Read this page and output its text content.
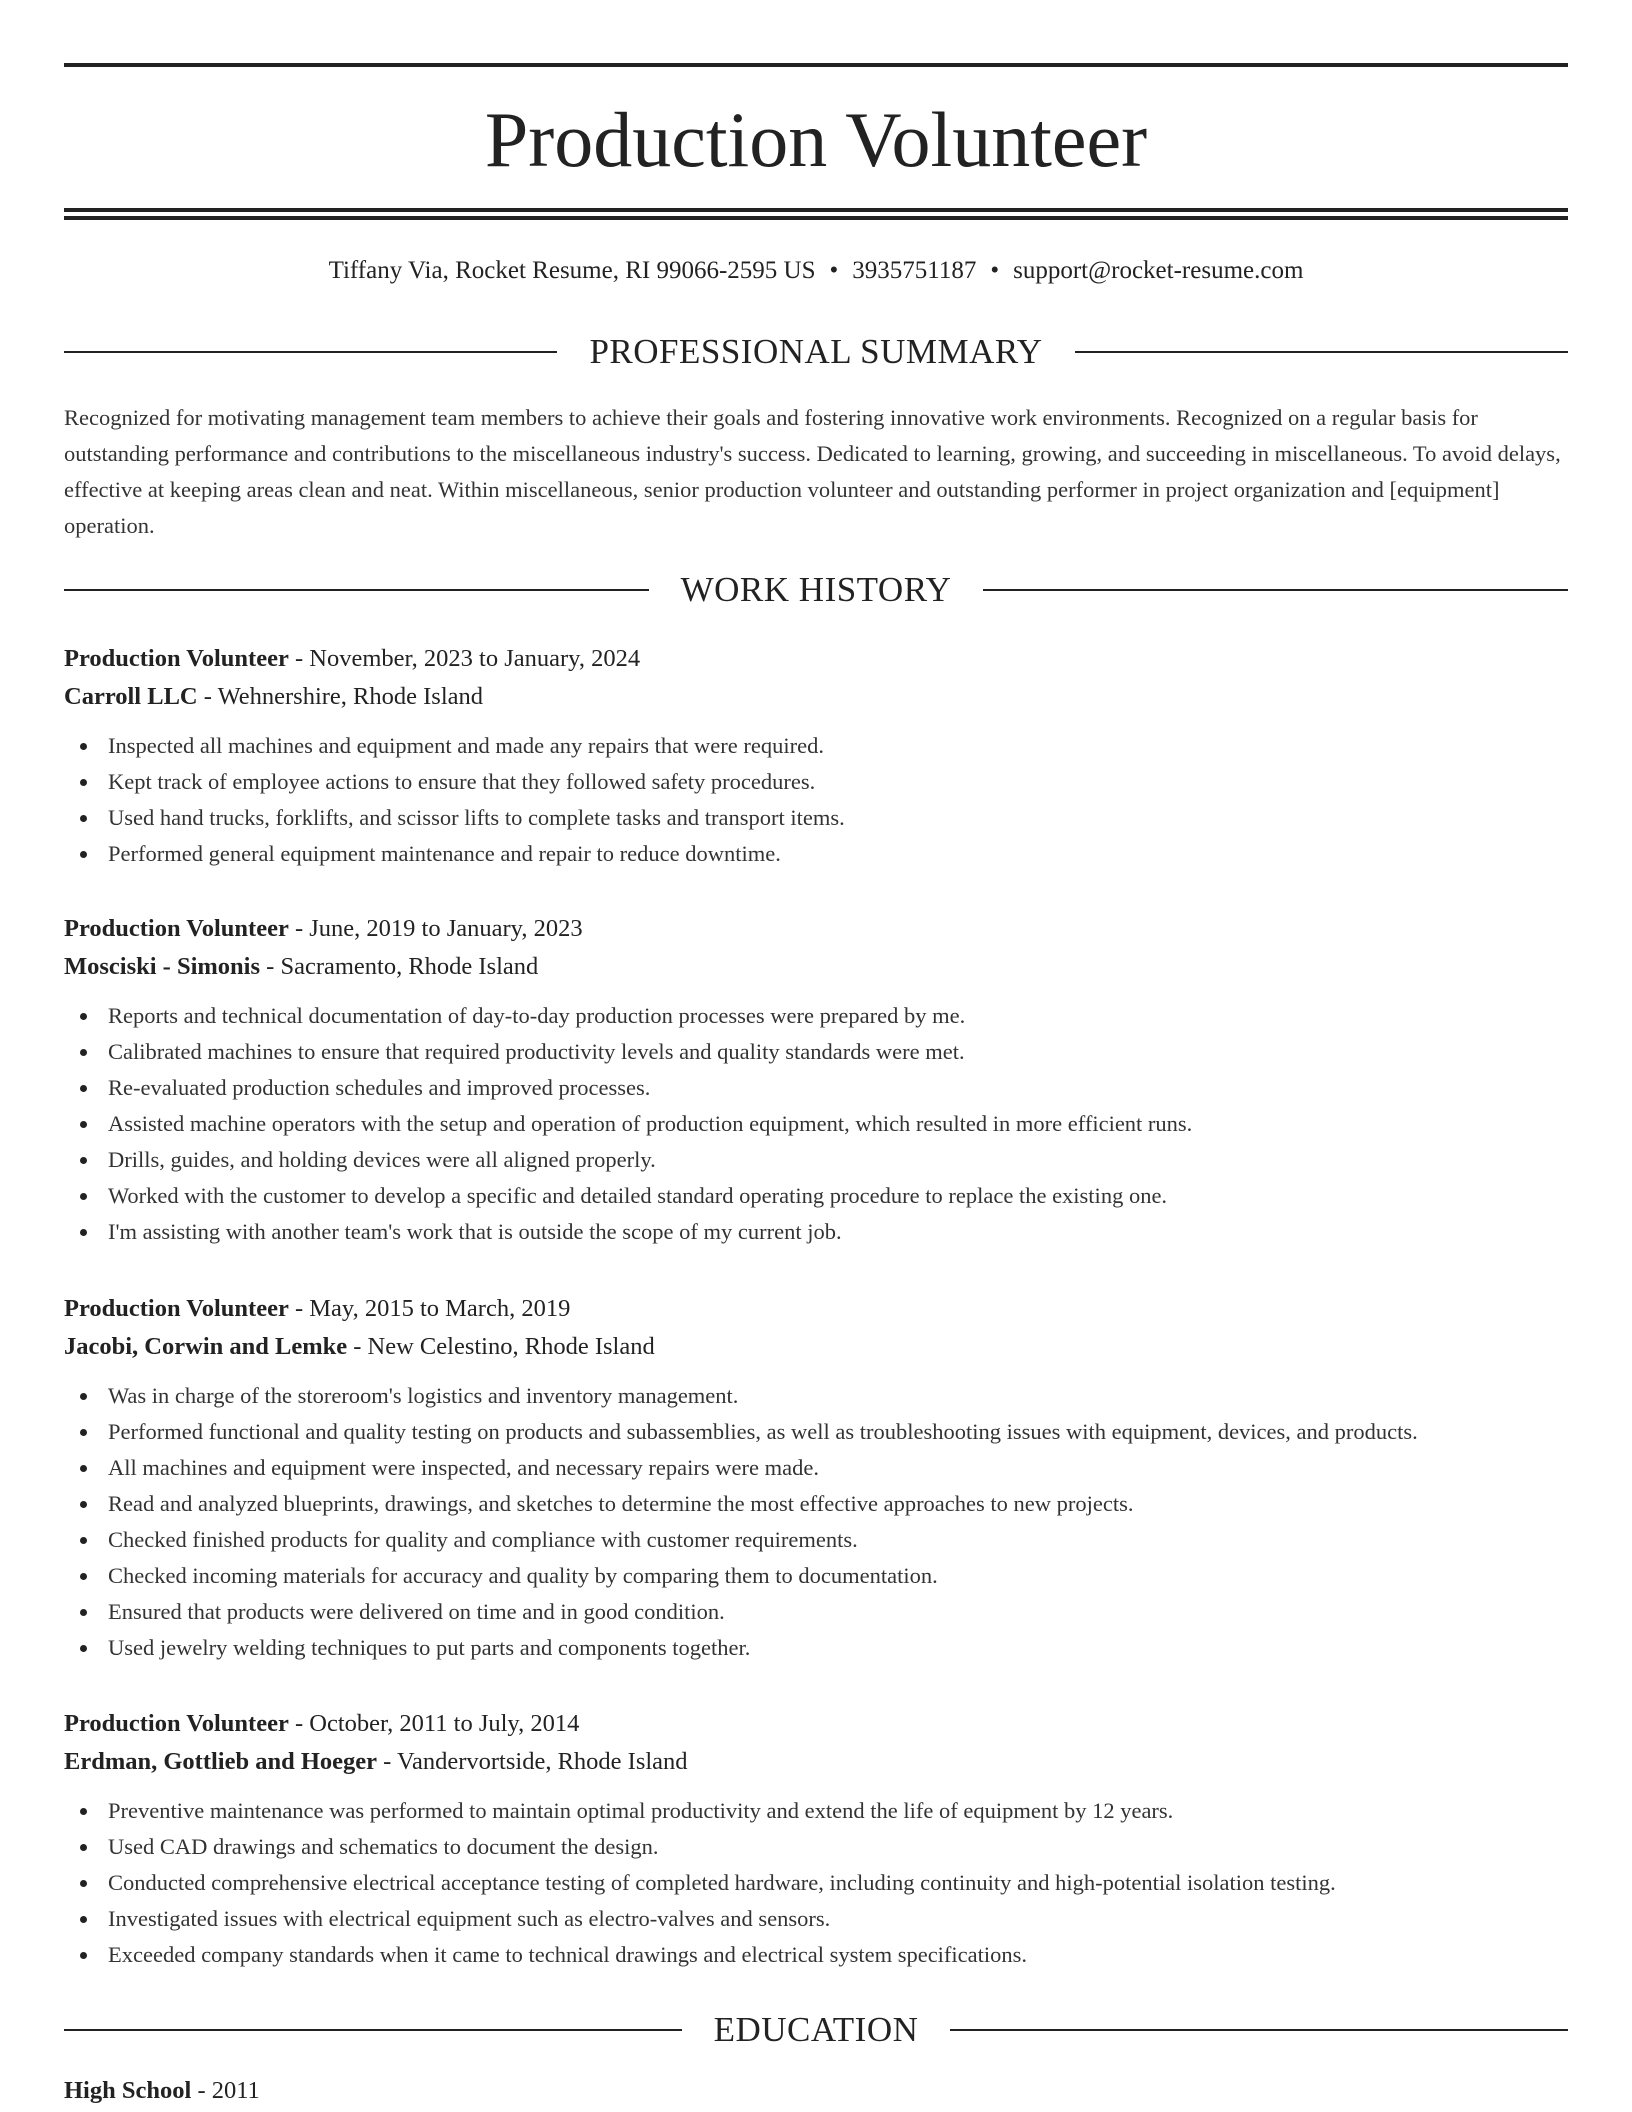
Production Volunteer
Tiffany Via, Rocket Resume, RI 99066-2595 US • 3935751187 • support@rocket-resume.com
PROFESSIONAL SUMMARY

Recognized for motivating management team members to achieve their goals and fostering innovative work environments. Recognized on a regular basis for outstanding performance and contributions to the miscellaneous industry's success. Dedicated to learning, growing, and succeeding in miscellaneous. To avoid delays, effective at keeping areas clean and neat. Within miscellaneous, senior production volunteer and outstanding performer in project organization and [equipment] operation.

WORK HISTORY

Production Volunteer - November, 2023 to January, 2024

Carroll LLC - Wehnershire, Rhode Island

Inspected all machines and equipment and made any repairs that were required.
Kept track of employee actions to ensure that they followed safety procedures.
Used hand trucks, forklifts, and scissor lifts to complete tasks and transport items.
Performed general equipment maintenance and repair to reduce downtime.

Production Volunteer - June, 2019 to January, 2023

Mosciski - Simonis - Sacramento, Rhode Island

Reports and technical documentation of day-to-day production processes were prepared by me.
Calibrated machines to ensure that required productivity levels and quality standards were met.
Re-evaluated production schedules and improved processes.
Assisted machine operators with the setup and operation of production equipment, which resulted in more efficient runs.
Drills, guides, and holding devices were all aligned properly.
Worked with the customer to develop a specific and detailed standard operating procedure to replace the existing one.
I'm assisting with another team's work that is outside the scope of my current job.

Production Volunteer - May, 2015 to March, 2019

Jacobi, Corwin and Lemke - New Celestino, Rhode Island

Was in charge of the storeroom's logistics and inventory management.
Performed functional and quality testing on products and subassemblies, as well as troubleshooting issues with equipment, devices, and products.
All machines and equipment were inspected, and necessary repairs were made.
Read and analyzed blueprints, drawings, and sketches to determine the most effective approaches to new projects.
Checked finished products for quality and compliance with customer requirements.
Checked incoming materials for accuracy and quality by comparing them to documentation.
Ensured that products were delivered on time and in good condition.
Used jewelry welding techniques to put parts and components together.

Production Volunteer - October, 2011 to July, 2014

Erdman, Gottlieb and Hoeger - Vandervortside, Rhode Island

Preventive maintenance was performed to maintain optimal productivity and extend the life of equipment by 12 years.
Used CAD drawings and schematics to document the design.
Conducted comprehensive electrical acceptance testing of completed hardware, including continuity and high-potential isolation testing.
Investigated issues with electrical equipment such as electro-valves and sensors.
Exceeded company standards when it came to technical drawings and electrical system specifications.
EDUCATION

High School - 2011
